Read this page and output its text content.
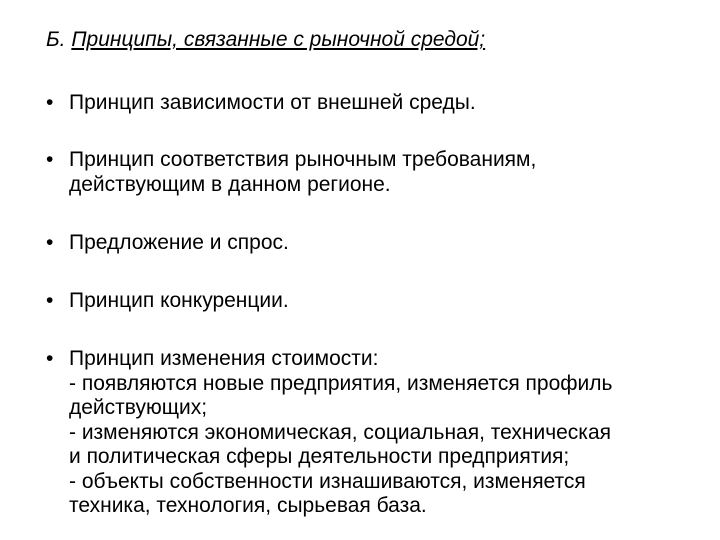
Б. Принципы, связанные с рыночной средой;
• Принцип зависимости от внешней среды.
• Принцип соответствия рыночным требованиям,
действующим в данном регионе.
• Предложение и спрос.
• Принцип конкуренции.
• Принцип изменения стоимости:
- появляются новые предприятия, изменяется профиль
действующих;
- изменяются экономическая, социальная, техническая
и политическая сферы деятельности предприятия;
- объекты собственности изнашиваются, изменяется
техника, технология, сырьевая база.
